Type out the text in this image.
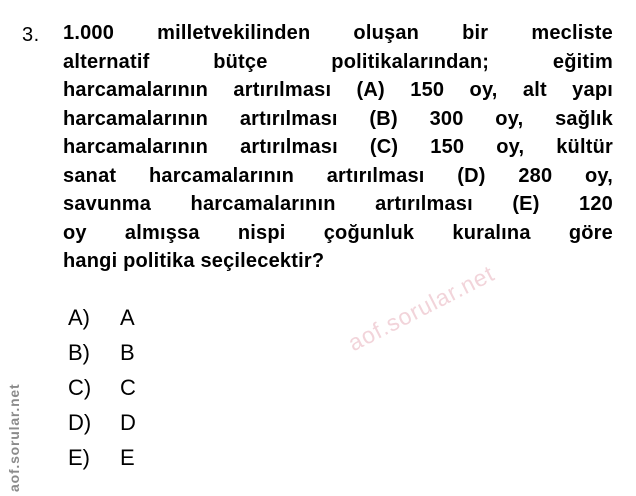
3. 1.000 milletvekilinden oluşan bir mecliste
alternatif bütçe politikalarından; eğitim
harcamalarının artırılması (A) 150 oy, alt yapı
harcamalarının artırılması (B) 300 oy, sağlık
harcamalarının artırılması (C) 150 oy, kültür
sanat harcamalarının artırılması (D) 280 oy,
savunma harcamalarının artırılması (E) 120
oy almışsa nispi çoğunluk kuralına göre
hangi politika seçilecektir?
A)	A
B)	B
C)	C
D)	D
E)	E
aof.sorular.net
aof.sorular.net
